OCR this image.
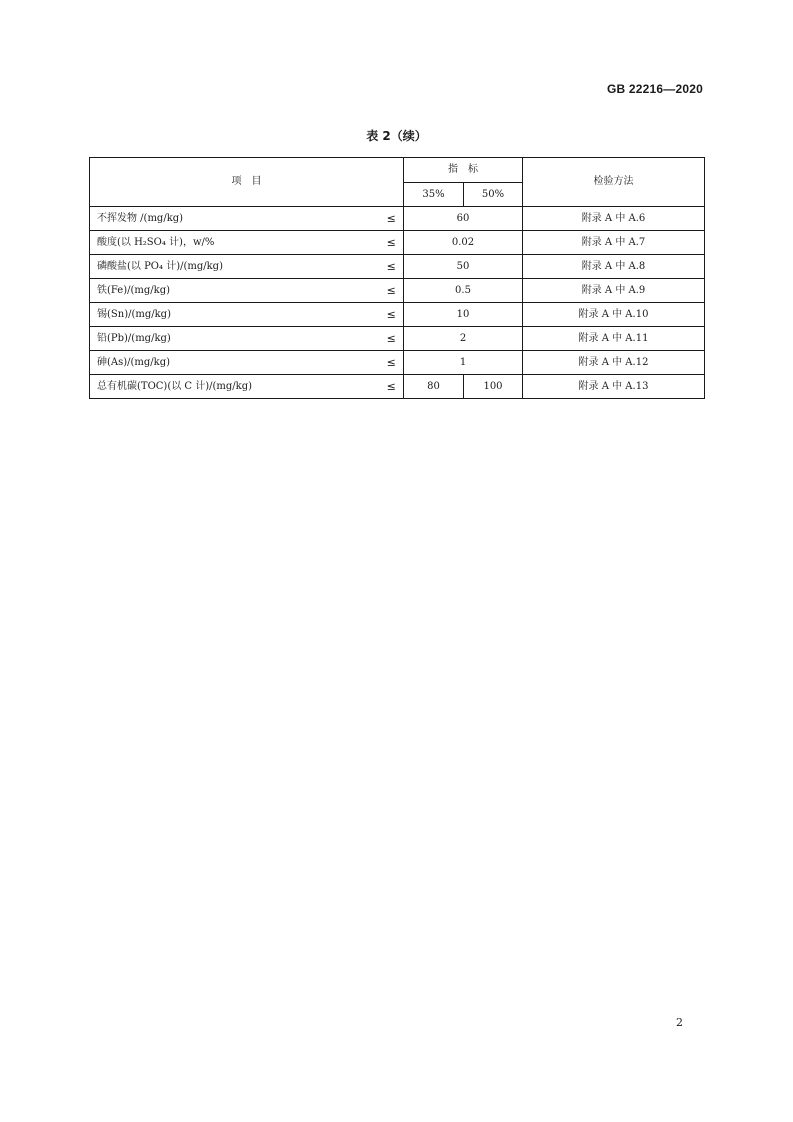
GB 22216—2020
表 2（续）
项　目		指　标		检验方法
		35%	50%	
不挥发物 /(mg/kg)	≤	60		附录 A 中 A.6
酸度(以 H₂SO₄ 计)，w/%	≤	0.02		附录 A 中 A.7
磷酸盐(以 PO₄ 计)/(mg/kg)	≤	50		附录 A 中 A.8
铁(Fe)/(mg/kg)	≤	0.5		附录 A 中 A.9
锡(Sn)/(mg/kg)	≤	10		附录 A 中 A.10
铅(Pb)/(mg/kg)	≤	2		附录 A 中 A.11
砷(As)/(mg/kg)	≤	1		附录 A 中 A.12
总有机碳(TOC)(以 C 计)/(mg/kg)	≤	80	100	附录 A 中 A.13
2
